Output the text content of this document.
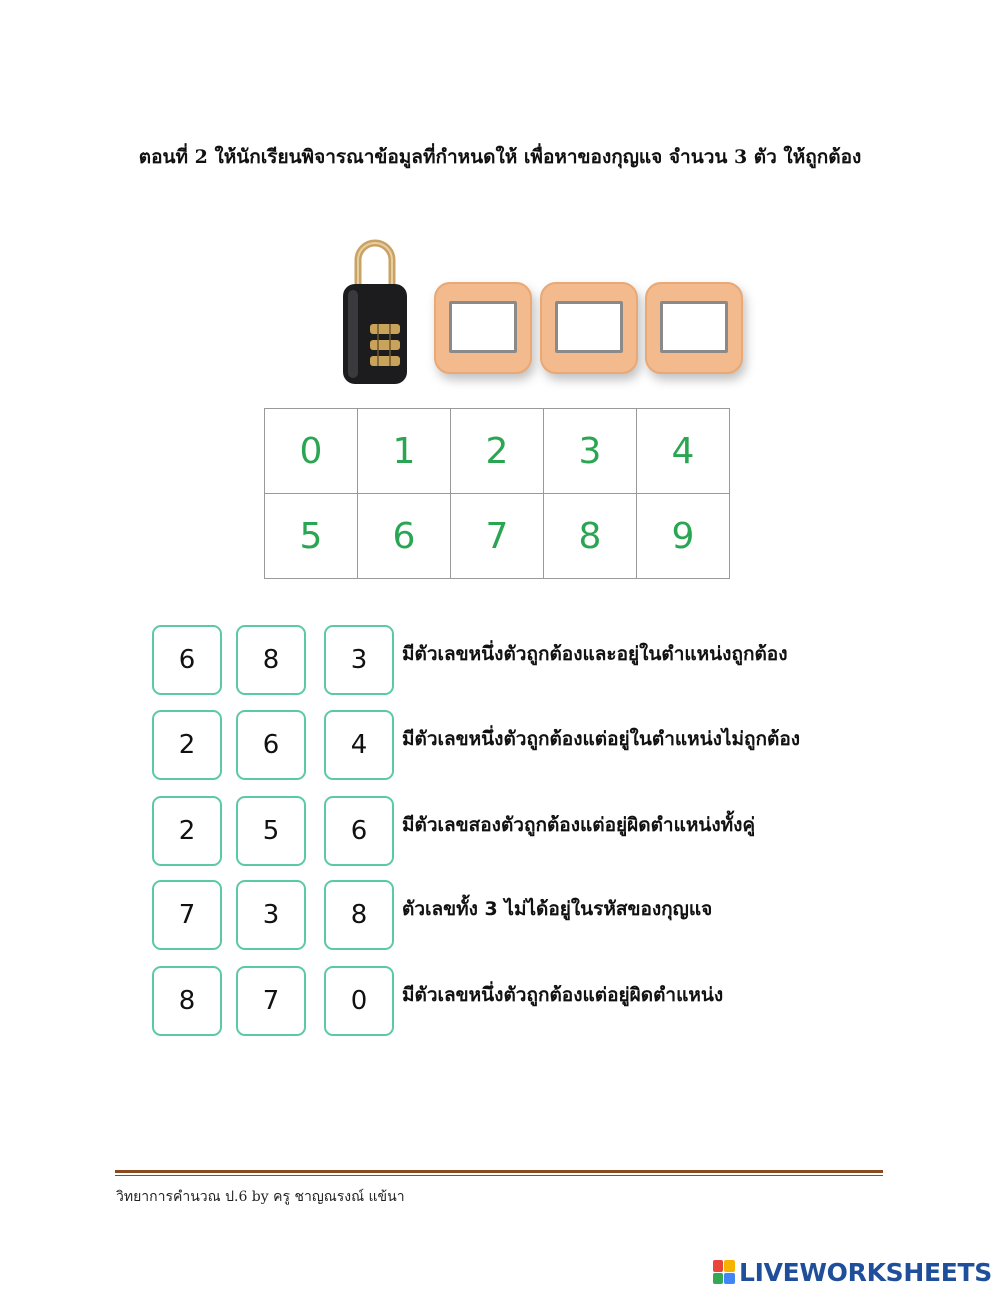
ตอนที่ 2 ให้นักเรียนพิจารณาข้อมูลที่กำหนดให้ เพื่อหาของกุญแจ จำนวน 3 ตัว ให้ถูกต้อง
0	1	2	3	4
5	6	7	8	9
6	8	3	มีตัวเลขหนึ่งตัวถูกต้องและอยู่ในตำแหน่งถูกต้อง
2	6	4	มีตัวเลขหนึ่งตัวถูกต้องแต่อยู่ในตำแหน่งไม่ถูกต้อง
2	5	6	มีตัวเลขสองตัวถูกต้องแต่อยู่ผิดตำแหน่งทั้งคู่
7	3	8	ตัวเลขทั้ง 3 ไม่ได้อยู่ในรหัสของกุญแจ
8	7	0	มีตัวเลขหนึ่งตัวถูกต้องแต่อยู่ผิดตำแหน่ง
วิทยาการคำนวณ ป.6 by ครู ชาญณรงณ์ แข้นา
LIVEWORKSHEETS
